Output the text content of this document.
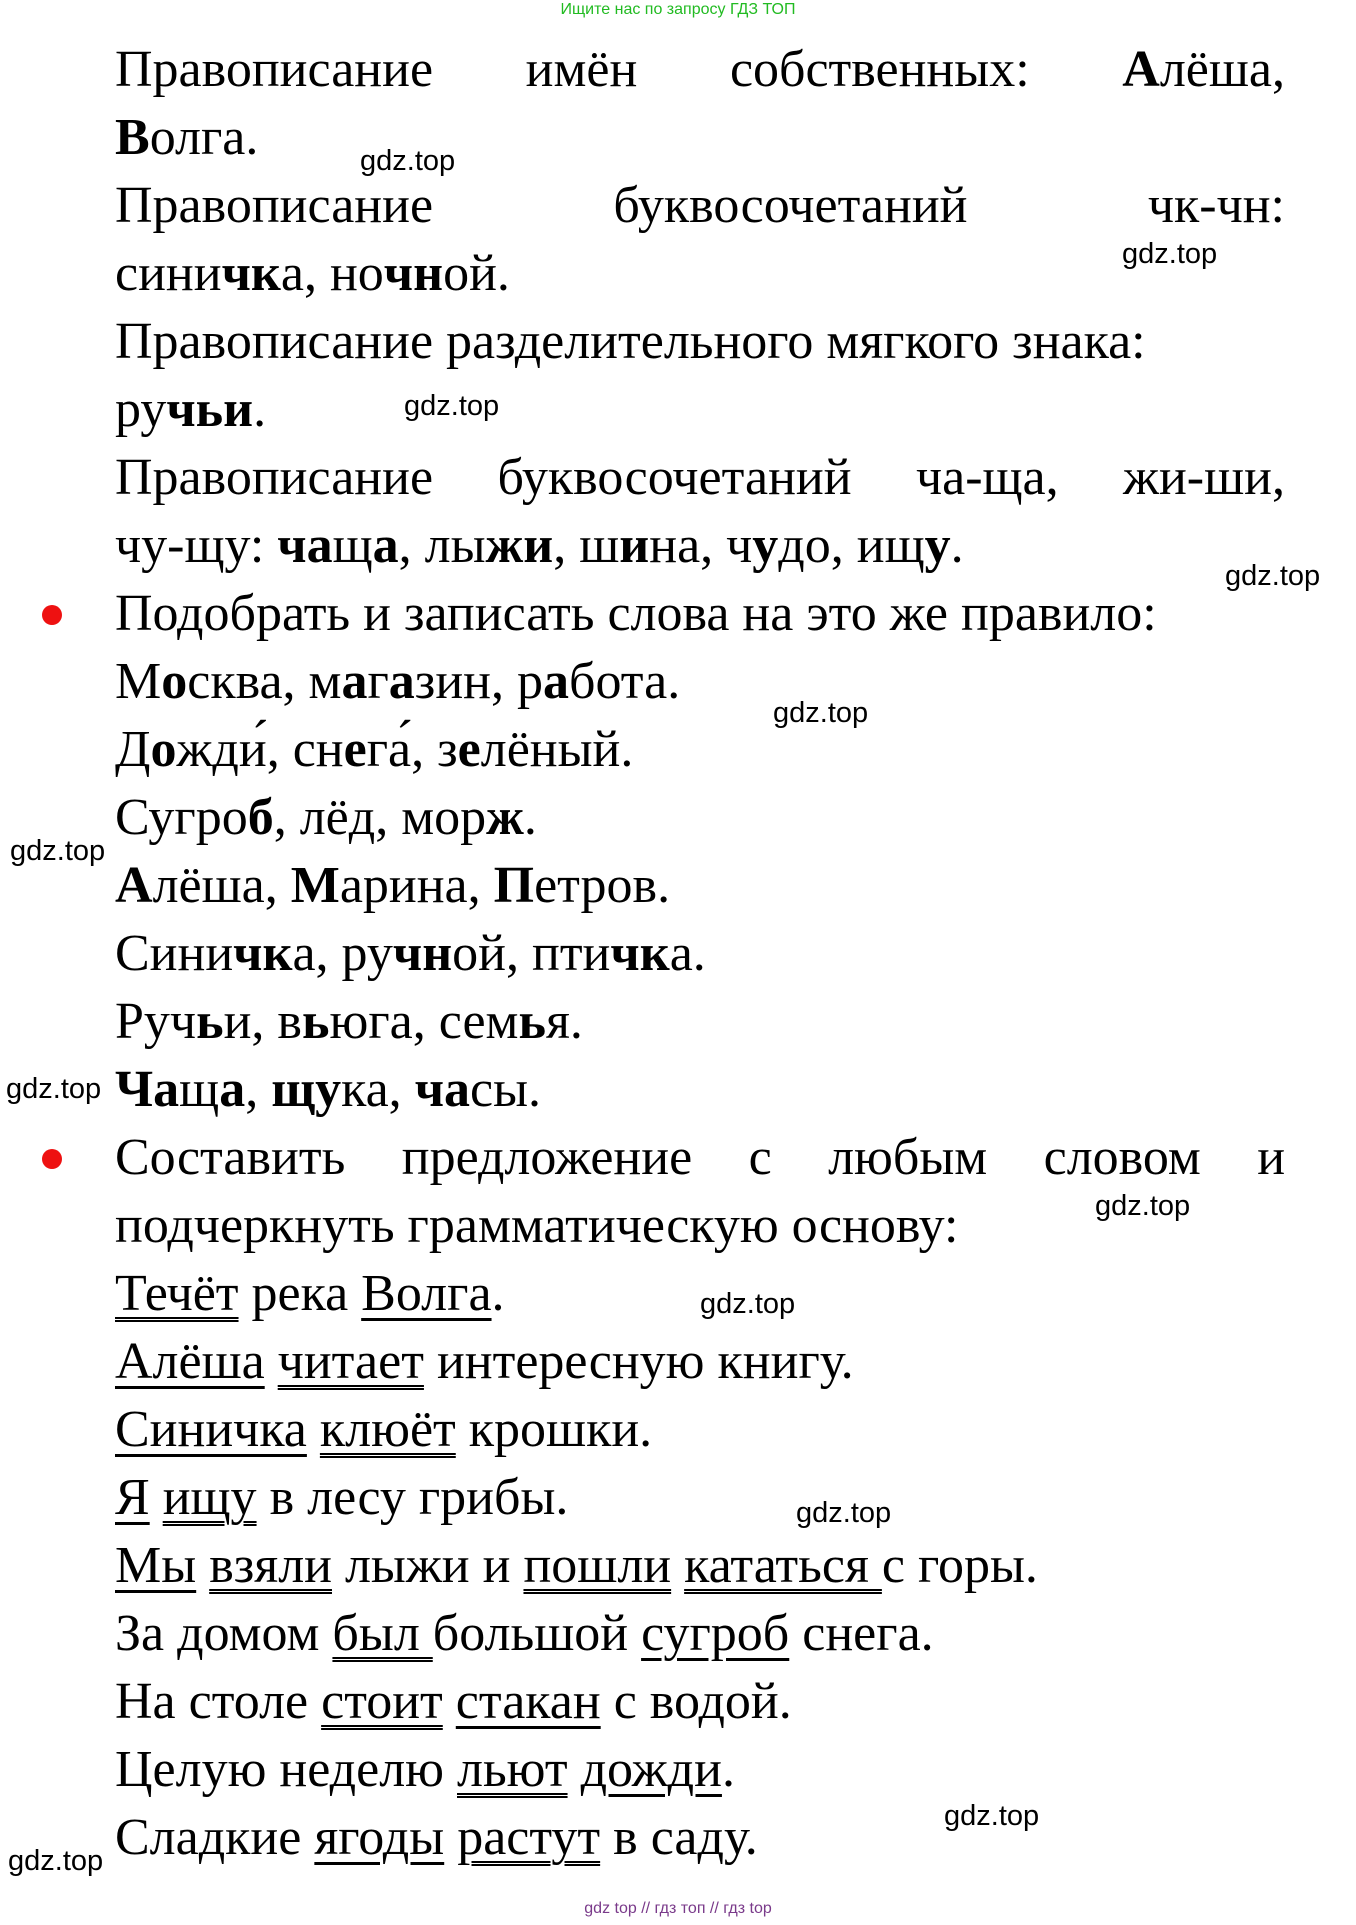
Ищите нас по запросу ГДЗ ТОП
Правописание имён собственных: Алёша,
Волга.
Правописание	буквосочетаний	чк-чн:
синичка, ночной.
Правописание разделительного мягкого знака:
ручьи.
Правописание буквосочетаний ча-ща, жи-ши,
чу-щу: чаща, лыжи, шина, чудо, ищу.
Подобрать и записать слова на это же правило:
Москва, магазин, работа.
Дожди́, снега́, зелёный.
Сугроб, лёд, морж.
Алёша, Марина, Петров.
Синичка, ручной, птичка.
Ручьи, вьюга, семья.
Чаща, щука, часы.
Составить предложение с любым словом и
подчеркнуть грамматическую основу:
Течёт река Волга.
Алёша читает интересную книгу.
Синичка клюёт крошки.
Я ищу в лесу грибы.
Мы взяли лыжи и пошли кататься с горы.
За домом был большой сугроб снега.
На столе стоит стакан с водой.
Целую неделю льют дожди.
Сладкие ягоды растут в саду.
gdz.top
gdz.top
gdz.top
gdz.top
gdz.top
gdz.top
gdz.top
gdz.top
gdz.top
gdz.top
gdz.top
gdz.top
gdz top // гдз топ // гдз top
